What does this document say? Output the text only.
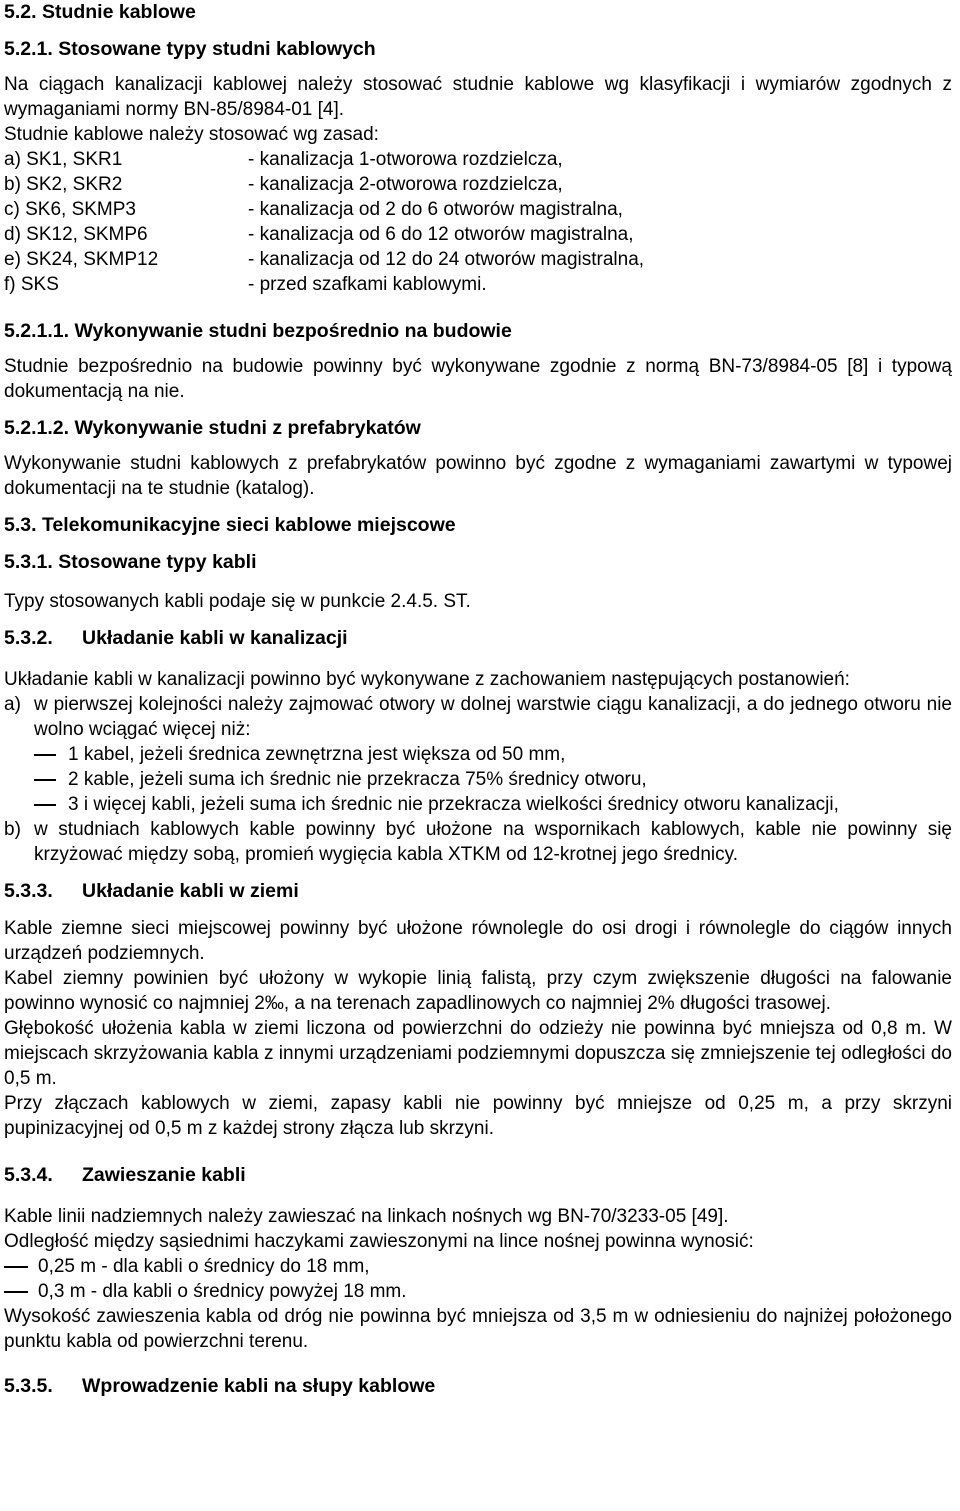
5.2. Studnie kablowe
5.2.1. Stosowane typy studni kablowych

Na ciągach kanalizacji kablowej należy stosować studnie kablowe wg klasyfikacji i wymiarów zgodnych z wymaganiami normy BN-85/8984-01 [4].

Studnie kablowe należy stosować wg zasad:

a) SK1, SKR1	- kanalizacja 1-otworowa rozdzielcza,
b) SK2, SKR2	- kanalizacja 2-otworowa rozdzielcza,
c) SK6, SKMP3	- kanalizacja od 2 do 6 otworów magistralna,
d) SK12, SKMP6	- kanalizacja od 6 do 12 otworów magistralna,
e) SK24, SKMP12	- kanalizacja od 12 do 24 otworów magistralna,
f) SKS	- przed szafkami kablowymi.
5.2.1.1. Wykonywanie studni bezpośrednio na budowie

Studnie bezpośrednio na budowie powinny być wykonywane zgodnie z normą BN-73/8984-05 [8] i typową dokumentacją na nie.

5.2.1.2. Wykonywanie studni z prefabrykatów

Wykonywanie studni kablowych z prefabrykatów powinno być zgodne z wymaganiami zawartymi w typowej dokumentacji na te studnie (katalog).

5.3. Telekomunikacyjne sieci kablowe miejscowe
5.3.1. Stosowane typy kabli

Typy stosowanych kabli podaje się w punkcie 2.4.5. ST.

5.3.2.	Układanie kabli w kanalizacji

Układanie kabli w kanalizacji powinno być wykonywane z zachowaniem następujących postanowień:

a) w pierwszej kolejności należy zajmować otwory w dolnej warstwie ciągu kanalizacji, a do jednego otworu nie wolno wciągać więcej niż:
1 kabel, jeżeli średnica zewnętrzna jest większa od 50 mm,
2 kable, jeżeli suma ich średnic nie przekracza 75% średnicy otworu,
3 i więcej kabli, jeżeli suma ich średnic nie przekracza wielkości średnicy otworu kanalizacji,
b) w studniach kablowych kable powinny być ułożone na wspornikach kablowych, kable nie powinny się krzyżować między sobą, promień wygięcia kabla XTKM od 12-krotnej jego średnicy.
5.3.3.	Układanie kabli w ziemi

Kable ziemne sieci miejscowej powinny być ułożone równolegle do osi drogi i równolegle do ciągów innych urządzeń podziemnych.

Kabel ziemny powinien być ułożony w wykopie linią falistą, przy czym zwiększenie długości na falowanie powinno wynosić co najmniej 2‰, a na terenach zapadlinowych co najmniej 2% długości trasowej.

Głębokość ułożenia kabla w ziemi liczona od powierzchni do odzieży nie powinna być mniejsza od 0,8 m. W miejscach skrzyżowania kabla z innymi urządzeniami podziemnymi dopuszcza się zmniejszenie tej odległości do 0,5 m.

Przy złączach kablowych w ziemi, zapasy kabli nie powinny być mniejsze od 0,25 m, a przy skrzyni pupinizacyjnej od 0,5 m z każdej strony złącza lub skrzyni.

5.3.4.	Zawieszanie kabli

Kable linii nadziemnych należy zawieszać na linkach nośnych wg BN-70/3233-05 [49].

Odległość między sąsiednimi haczykami zawieszonymi na lince nośnej powinna wynosić:

0,25 m - dla kabli o średnicy do 18 mm,
0,3 m - dla kabli o średnicy powyżej 18 mm.

Wysokość zawieszenia kabla od dróg nie powinna być mniejsza od 3,5 m w odniesieniu do najniżej położonego punktu kabla od powierzchni terenu.

5.3.5.	Wprowadzenie kabli na słupy kablowe
